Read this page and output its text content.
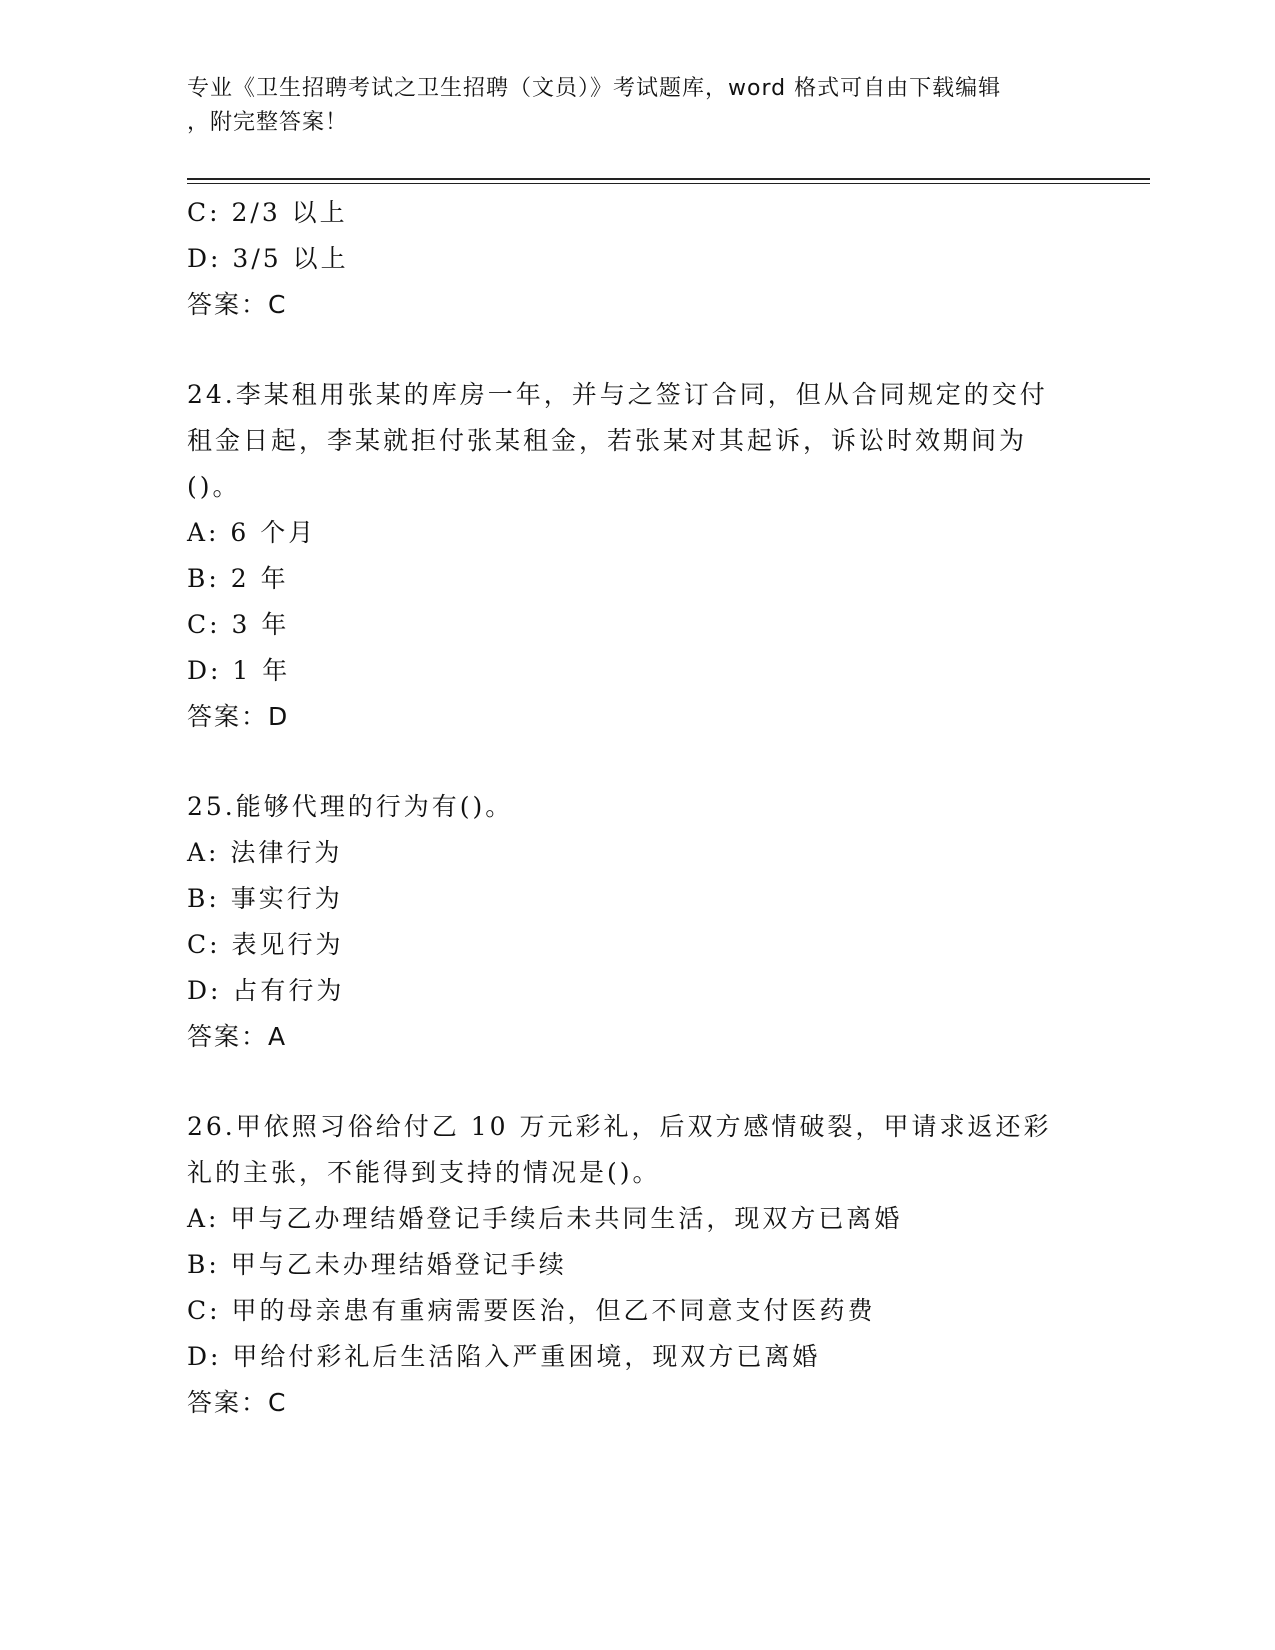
专业《卫生招聘考试之卫生招聘（文员）》考试题库，word 格式可自由下载编辑
，附完整答案！
C: 2/3 以上
D: 3/5 以上
答案：C
24.李某租用张某的库房一年，并与之签订合同，但从合同规定的交付
租金日起，李某就拒付张某租金，若张某对其起诉，诉讼时效期间为
()。
A: 6 个月
B: 2 年
C: 3 年
D: 1 年
答案：D
25.能够代理的行为有()。
A: 法律行为
B: 事实行为
C: 表见行为
D: 占有行为
答案：A
26.甲依照习俗给付乙 10 万元彩礼，后双方感情破裂，甲请求返还彩
礼的主张，不能得到支持的情况是()。
A: 甲与乙办理结婚登记手续后未共同生活，现双方已离婚
B: 甲与乙未办理结婚登记手续
C: 甲的母亲患有重病需要医治，但乙不同意支付医药费
D: 甲给付彩礼后生活陷入严重困境，现双方已离婚
答案：C
